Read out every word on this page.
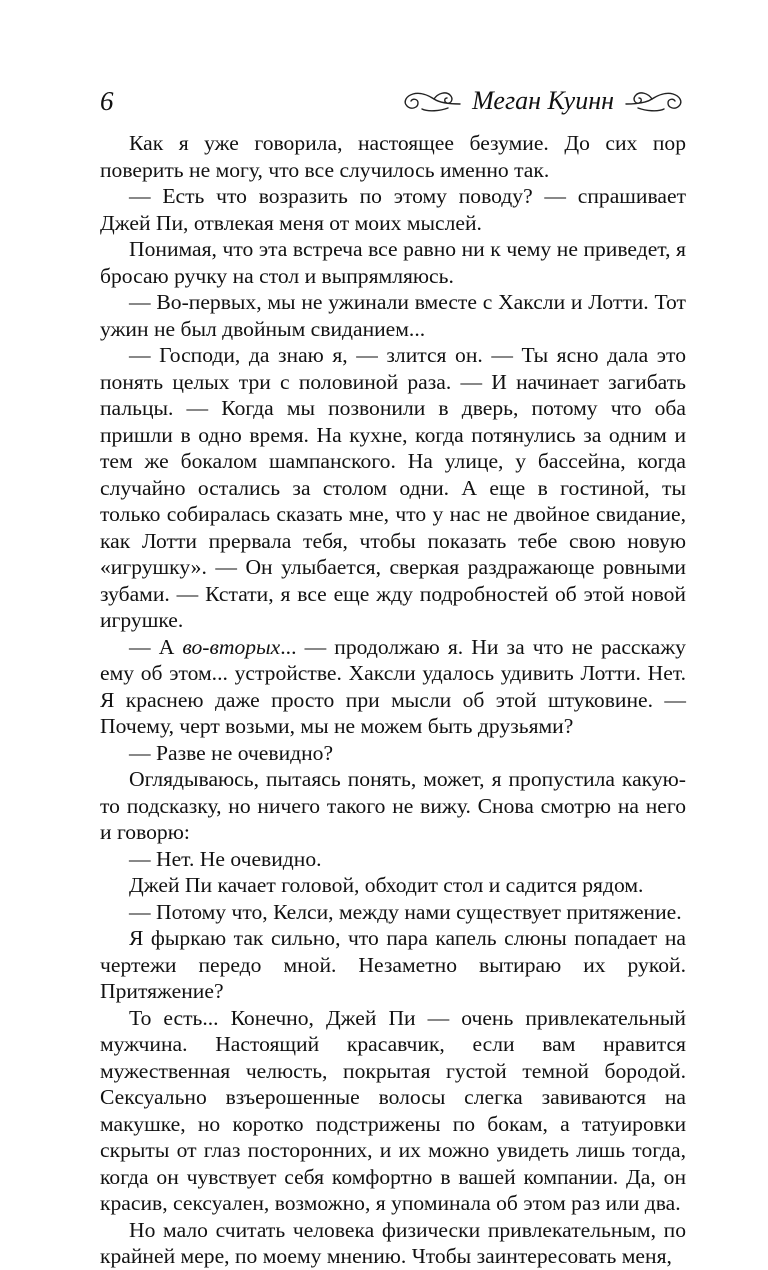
6	Меган Куинн

Как я уже говорила, настоящее безумие. До сих пор поверить не могу, что все случилось именно так.

— Есть что возразить по этому поводу? — спрашивает Джей Пи, отвлекая меня от моих мыслей.

Понимая, что эта встреча все равно ни к чему не приведет, я бросаю ручку на стол и выпрямляюсь.

— Во-первых, мы не ужинали вместе с Хаксли и Лотти. Тот ужин не был двойным свиданием...

— Господи, да знаю я, — злится он. — Ты ясно дала это понять целых три с половиной раза. — И начинает загибать пальцы. — Когда мы позвонили в дверь, потому что оба пришли в одно время. На кухне, когда потянулись за одним и тем же бокалом шампанского. На улице, у бассейна, когда случайно остались за столом одни. А еще в гостиной, ты только собиралась сказать мне, что у нас не двойное свидание, как Лотти прервала тебя, чтобы показать тебе свою новую «игрушку». — Он улыбается, сверкая раздражающе ровными зубами. — Кстати, я все еще жду подробностей об этой новой игрушке.

— А во-вторых... — продолжаю я. Ни за что не расскажу ему об этом... устройстве. Хаксли удалось удивить Лотти. Нет. Я краснею даже просто при мысли об этой штуковине. — Почему, черт возьми, мы не можем быть друзьями?

— Разве не очевидно?

Оглядываюсь, пытаясь понять, может, я пропустила какую-то подсказку, но ничего такого не вижу. Снова смотрю на него и говорю:

— Нет. Не очевидно.

Джей Пи качает головой, обходит стол и садится рядом.

— Потому что, Келси, между нами существует притяжение.

Я фыркаю так сильно, что пара капель слюны попадает на чертежи передо мной. Незаметно вытираю их рукой. Притяжение?

То есть... Конечно, Джей Пи — очень привлекательный мужчина. Настоящий красавчик, если вам нравится мужественная челюсть, покрытая густой темной бородой. Сексуально взъерошенные волосы слегка завиваются на макушке, но коротко подстрижены по бокам, а татуировки скрыты от глаз посторонних, и их можно увидеть лишь тогда, когда он чувствует себя комфортно в вашей компании. Да, он красив, сексуален, возможно, я упоминала об этом раз или два.

Но мало считать человека физически привлекательным, по крайней мере, по моему мнению. Чтобы заинтересовать меня,
